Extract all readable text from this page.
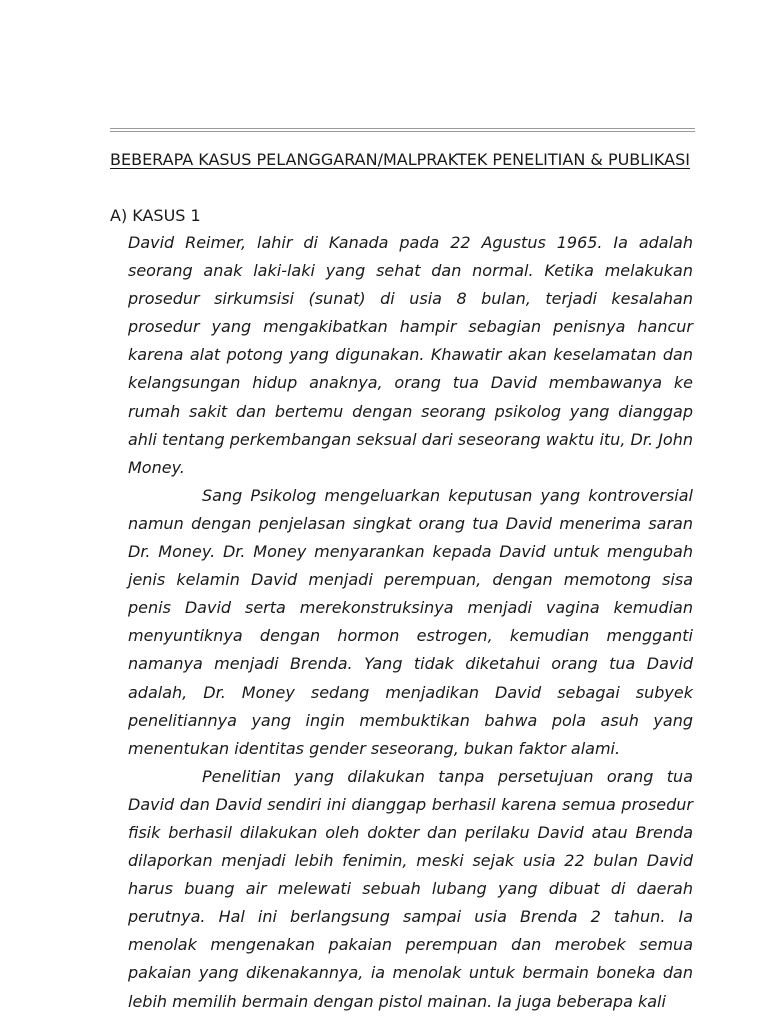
BEBERAPA KASUS PELANGGARAN/MALPRAKTEK PENELITIAN & PUBLIKASI
A) KASUS 1

David Reimer, lahir di Kanada pada 22 Agustus 1965. Ia adalah seorang anak laki-laki yang sehat dan normal. Ketika melakukan prosedur sirkumsisi (sunat) di usia 8 bulan, terjadi kesalahan prosedur yang mengakibatkan hampir sebagian penisnya hancur karena alat potong yang digunakan. Khawatir akan keselamatan dan kelangsungan hidup anaknya, orang tua David membawanya ke rumah sakit dan bertemu dengan seorang psikolog yang dianggap ahli tentang perkembangan seksual dari seseorang waktu itu, Dr. John Money.

Sang Psikolog mengeluarkan keputusan yang kontroversial namun dengan penjelasan singkat orang tua David menerima saran Dr. Money. Dr. Money menyarankan kepada David untuk mengubah jenis kelamin David menjadi perempuan, dengan memotong sisa penis David serta merekonstruksinya menjadi vagina kemudian menyuntiknya dengan hormon estrogen, kemudian mengganti namanya menjadi Brenda. Yang tidak diketahui orang tua David adalah, Dr. Money sedang menjadikan David sebagai subyek penelitiannya yang ingin membuktikan bahwa pola asuh yang menentukan identitas gender seseorang, bukan faktor alami.

Penelitian yang dilakukan tanpa persetujuan orang tua David dan David sendiri ini dianggap berhasil karena semua prosedur fisik berhasil dilakukan oleh dokter dan perilaku David atau Brenda dilaporkan menjadi lebih fenimin, meski sejak usia 22 bulan David harus buang air melewati sebuah lubang yang dibuat di daerah perutnya. Hal ini berlangsung sampai usia Brenda 2 tahun. Ia menolak mengenakan pakaian perempuan dan merobek semua pakaian yang dikenakannya, ia menolak untuk bermain boneka dan lebih memilih bermain dengan pistol mainan. Ia juga beberapa kali
